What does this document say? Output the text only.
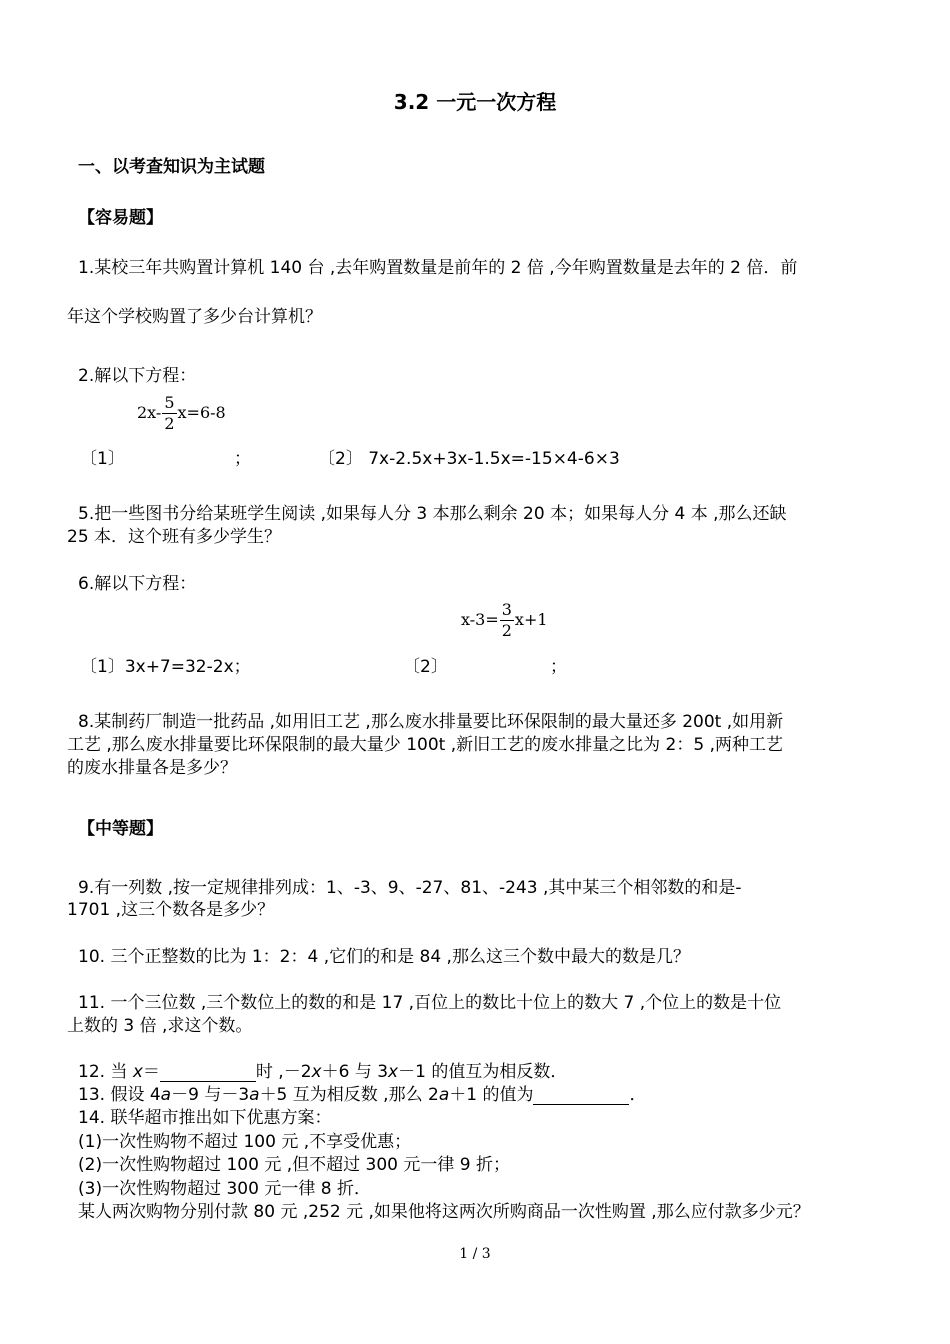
3.2 一元一次方程
一、以考查知识为主试题
【容易题】
1.某校三年共购置计算机 140 台 ,去年购置数量是前年的 2 倍 ,今年购置数量是去年的 2 倍．前
年这个学校购置了多少台计算机？
2.解以下方程：
$2x- \frac{5}{2} x=6-8$
〔1〕	；	〔2〕 7x-2.5x+3x-1.5x=-15×4-6×3
5.把一些图书分给某班学生阅读 ,如果每人分 3 本那么剩余 20 本；如果每人分 4 本 ,那么还缺
25 本．这个班有多少学生？
6.解以下方程：
$x-3= \frac{3}{2} x+1$
〔1〕3x+7=32-2x；	〔2〕	；
8.某制药厂制造一批药品 ,如用旧工艺 ,那么废水排量要比环保限制的最大量还多 200t ,如用新
工艺 ,那么废水排量要比环保限制的最大量少 100t ,新旧工艺的废水排量之比为 2：5 ,两种工艺
的废水排量各是多少？
【中等题】
9.有一列数 ,按一定规律排列成：1、-3、9、-27、81、-243 ,其中某三个相邻数的和是-
1701 ,这三个数各是多少？
10. 三个正整数的比为 1：2：4 ,它们的和是 84 ,那么这三个数中最大的数是几？
11. 一个三位数 ,三个数位上的数的和是 17 ,百位上的数比十位上的数大 7 ,个位上的数是十位
上数的 3 倍 ,求这个数。
12. 当 x＝	时 ,－2x＋6 与 3x－1 的值互为相反数．
13. 假设 4a－9 与－3a＋5 互为相反数 ,那么 2a＋1 的值为	．
14. 联华超市推出如下优惠方案：
(1)一次性购物不超过 100 元 ,不享受优惠；
(2)一次性购物超过 100 元 ,但不超过 300 元一律 9 折；
(3)一次性购物超过 300 元一律 8 折．
某人两次购物分别付款 80 元 ,252 元 ,如果他将这两次所购商品一次性购置 ,那么应付款多少元？
1 / 3
